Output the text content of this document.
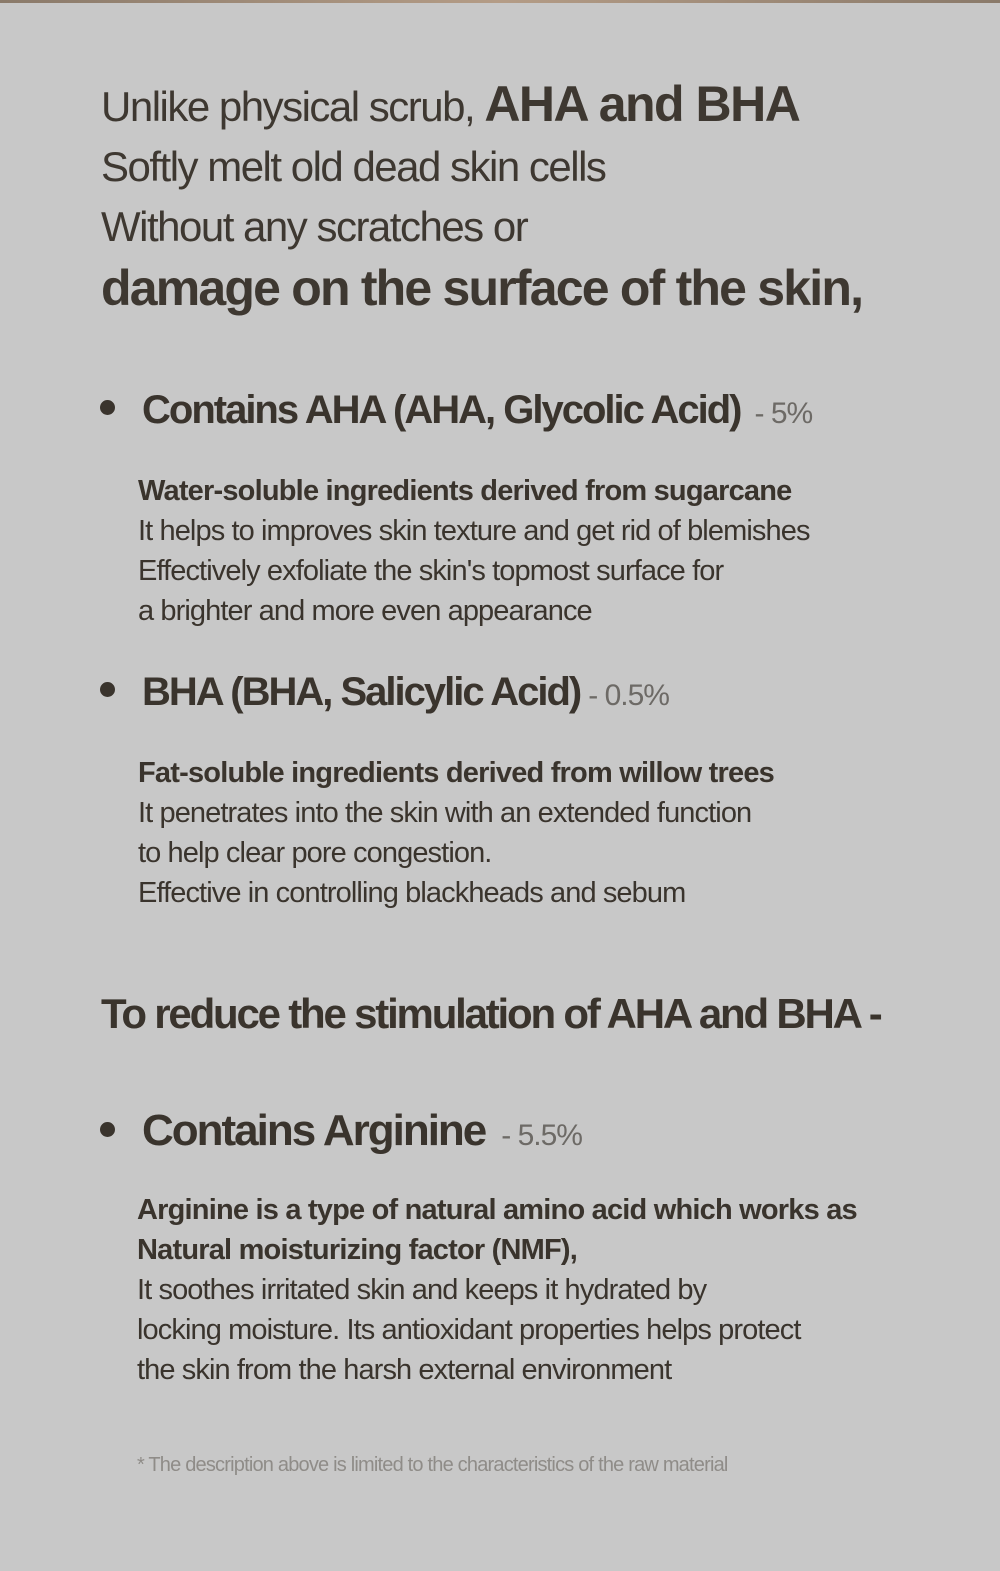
Unlike physical scrub, AHA and BHA
Softly melt old dead skin cells
Without any scratches or
damage on the surface of the skin,
Contains AHA (AHA, Glycolic Acid) - 5%
Water-soluble ingredients derived from sugarcane
It helps to improves skin texture and get rid of blemishes
Effectively exfoliate the skin's topmost surface for
a brighter and more even appearance
BHA (BHA, Salicylic Acid) - 0.5%
Fat-soluble ingredients derived from willow trees
It penetrates into the skin with an extended function
to help clear pore congestion.
Effective in controlling blackheads and sebum
To reduce the stimulation of AHA and BHA -
Contains Arginine - 5.5%
Arginine is a type of natural amino acid which works as
Natural moisturizing factor (NMF),
It soothes irritated skin and keeps it hydrated by
locking moisture. Its antioxidant properties helps protect
the skin from the harsh external environment
* The description above is limited to the characteristics of the raw material
